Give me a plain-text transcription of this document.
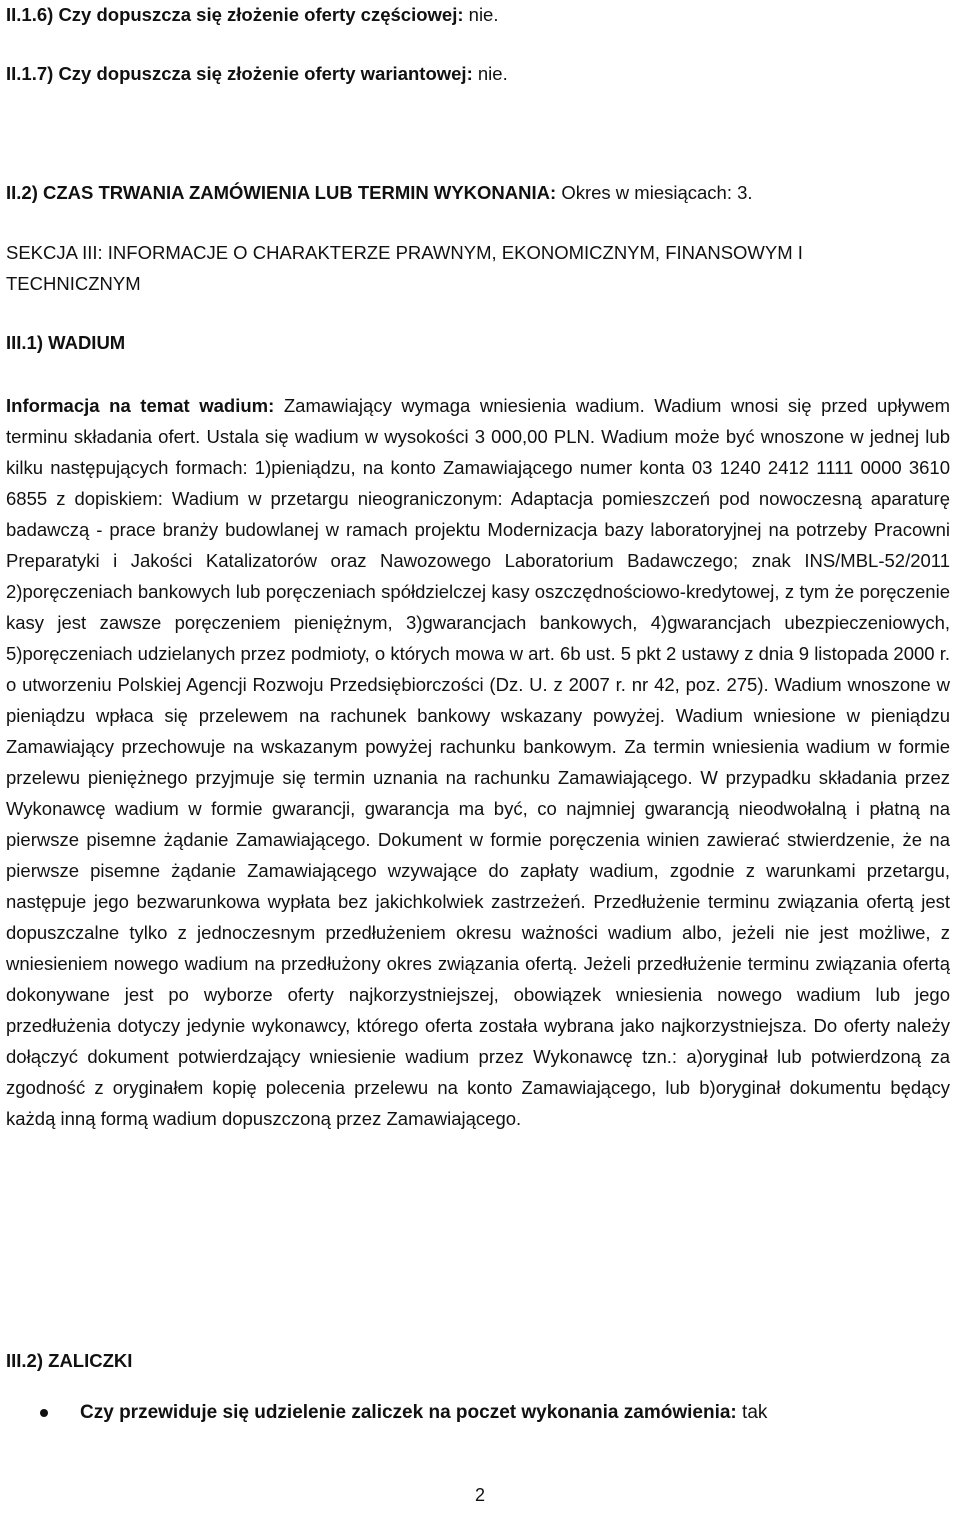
II.1.6) Czy dopuszcza się złożenie oferty częściowej: nie.
II.1.7) Czy dopuszcza się złożenie oferty wariantowej: nie.
II.2) CZAS TRWANIA ZAMÓWIENIA LUB TERMIN WYKONANIA: Okres w miesiącach: 3.
SEKCJA III: INFORMACJE O CHARAKTERZE PRAWNYM, EKONOMICZNYM, FINANSOWYM I TECHNICZNYM
III.1) WADIUM
Informacja na temat wadium: Zamawiający wymaga wniesienia wadium. Wadium wnosi się przed upływem terminu składania ofert. Ustala się wadium w wysokości 3 000,00 PLN. Wadium może być wnoszone w jednej lub kilku następujących formach: 1)pieniądzu, na konto Zamawiającego numer konta 03 1240 2412 1111 0000 3610 6855 z dopiskiem: Wadium w przetargu nieograniczonym: Adaptacja pomieszczeń pod nowoczesną aparaturę badawczą - prace branży budowlanej w ramach projektu Modernizacja bazy laboratoryjnej na potrzeby Pracowni Preparatyki i Jakości Katalizatorów oraz Nawozowego Laboratorium Badawczego; znak INS/MBL-52/2011 2)poręczeniach bankowych lub poręczeniach spółdzielczej kasy oszczędnościowo-kredytowej, z tym że poręczenie kasy jest zawsze poręczeniem pieniężnym, 3)gwarancjach bankowych, 4)gwarancjach ubezpieczeniowych, 5)poręczeniach udzielanych przez podmioty, o których mowa w art. 6b ust. 5 pkt 2 ustawy z dnia 9 listopada 2000 r. o utworzeniu Polskiej Agencji Rozwoju Przedsiębiorczości (Dz. U. z 2007 r. nr 42, poz. 275). Wadium wnoszone w pieniądzu wpłaca się przelewem na rachunek bankowy wskazany powyżej. Wadium wniesione w pieniądzu Zamawiający przechowuje na wskazanym powyżej rachunku bankowym. Za termin wniesienia wadium w formie przelewu pieniężnego przyjmuje się termin uznania na rachunku Zamawiającego. W przypadku składania przez Wykonawcę wadium w formie gwarancji, gwarancja ma być, co najmniej gwarancją nieodwołalną i płatną na pierwsze pisemne żądanie Zamawiającego. Dokument w formie poręczenia winien zawierać stwierdzenie, że na pierwsze pisemne żądanie Zamawiającego wzywające do zapłaty wadium, zgodnie z warunkami przetargu, następuje jego bezwarunkowa wypłata bez jakichkolwiek zastrzeżeń. Przedłużenie terminu związania ofertą jest dopuszczalne tylko z jednoczesnym przedłużeniem okresu ważności wadium albo, jeżeli nie jest możliwe, z wniesieniem nowego wadium na przedłużony okres związania ofertą. Jeżeli przedłużenie terminu związania ofertą dokonywane jest po wyborze oferty najkorzystniejszej, obowiązek wniesienia nowego wadium lub jego przedłużenia dotyczy jedynie wykonawcy, którego oferta została wybrana jako najkorzystniejsza. Do oferty należy dołączyć dokument potwierdzający wniesienie wadium przez Wykonawcę tzn.: a)oryginał lub potwierdzoną za zgodność z oryginałem kopię polecenia przelewu na konto Zamawiającego, lub b)oryginał dokumentu będący każdą inną formą wadium dopuszczoną przez Zamawiającego.
III.2) ZALICZKI
Czy przewiduje się udzielenie zaliczek na poczet wykonania zamówienia: tak
2
